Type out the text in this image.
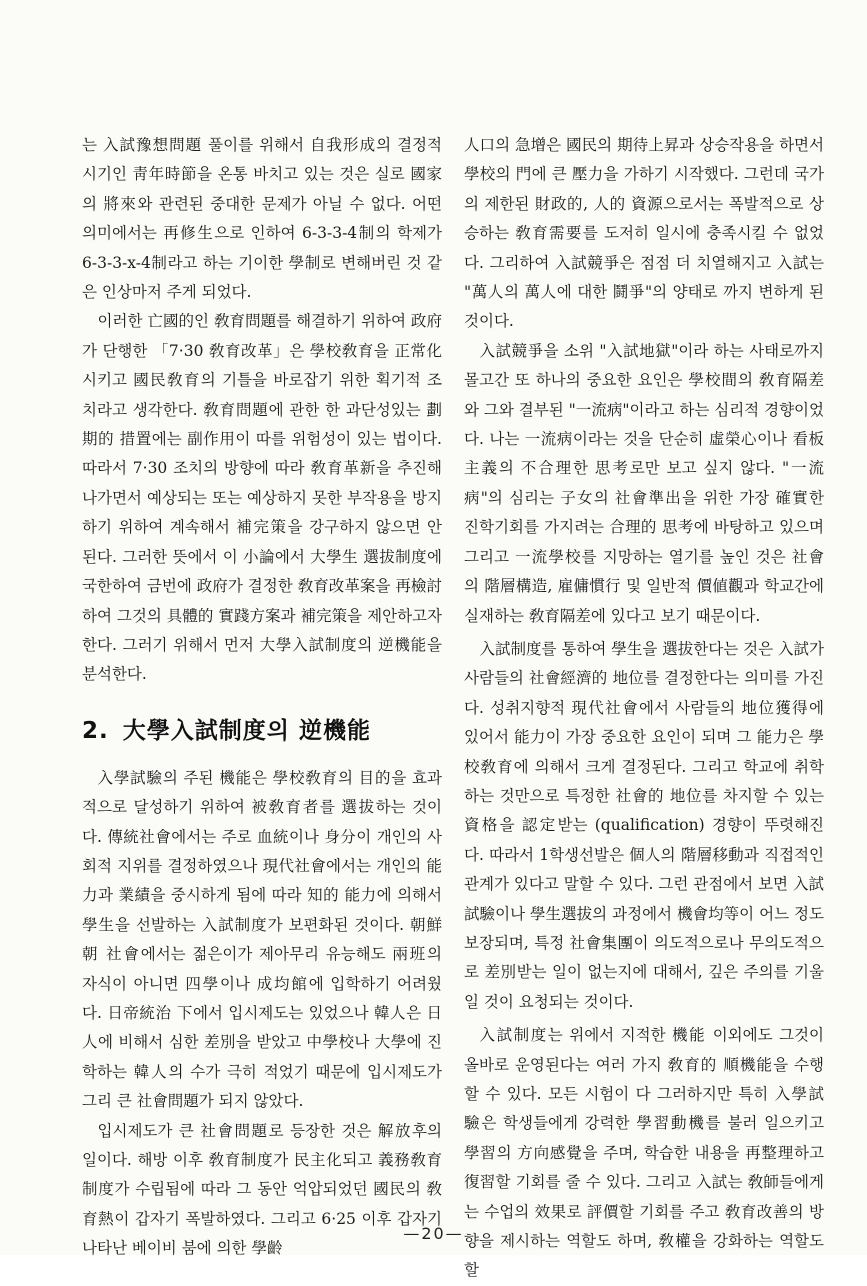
는 入試豫想問題 풀이를 위해서 自我形成의 결정적 시기인 靑年時節을 온통 바치고 있는 것은 실로 國家의 將來와 관련된 중대한 문제가 아닐 수 없다. 어떤 의미에서는 再修生으로 인하여 6-3-3-4制의 학제가 6-3-3-x-4制라고 하는 기이한 學制로 변해버린 것 같은 인상마저 주게 되었다.

이러한 亡國的인 敎育問題를 해결하기 위하여 政府가 단행한 「7·30 敎育改革」은 學校敎育을 正常化시키고 國民敎育의 기틀을 바로잡기 위한 획기적 조치라고 생각한다. 敎育問題에 관한 한 과단성있는 劃期的 措置에는 副作用이 따를 위험성이 있는 법이다. 따라서 7·30 조치의 방향에 따라 敎育革新을 추진해 나가면서 예상되는 또는 예상하지 못한 부작용을 방지하기 위하여 계속해서 補完策을 강구하지 않으면 안된다. 그러한 뜻에서 이 小論에서 大學生 選拔制度에 국한하여 금번에 政府가 결정한 敎育改革案을 再檢討하여 그것의 具體的 實踐方案과 補完策을 제안하고자 한다. 그러기 위해서 먼저 大學入試制度의 逆機能을 분석한다.

2. 大學入試制度의 逆機能

入學試驗의 주된 機能은 學校敎育의 目的을 효과적으로 달성하기 위하여 被敎育者를 選拔하는 것이다. 傳統社會에서는 주로 血統이나 身分이 개인의 사회적 지위를 결정하였으나 現代社會에서는 개인의 能力과 業績을 중시하게 됨에 따라 知的 能力에 의해서 學生을 선발하는 入試制度가 보편화된 것이다. 朝鮮朝 社會에서는 젊은이가 제아무리 유능해도 兩班의 자식이 아니면 四學이나 成均館에 입학하기 어려웠다. 日帝統治 下에서 입시제도는 있었으나 韓人은 日人에 비해서 심한 差別을 받았고 中學校나 大學에 진학하는 韓人의 수가 극히 적었기 때문에 입시제도가 그리 큰 社會問題가 되지 않았다.

입시제도가 큰 社會問題로 등장한 것은 解放후의 일이다. 해방 이후 敎育制度가 民主化되고 義務敎育制度가 수립됨에 따라 그 동안 억압되었던 國民의 敎育熱이 갑자기 폭발하였다. 그리고 6·25 이후 갑자기 나타난 베이비 붐에 의한 學齡

人口의 急增은 國民의 期待上昇과 상승작용을 하면서 學校의 門에 큰 壓力을 가하기 시작했다. 그런데 국가의 제한된 財政的, 人的 資源으로서는 폭발적으로 상승하는 敎育需要를 도저히 일시에 충족시킬 수 없었다. 그리하여 入試競爭은 점점 더 치열해지고 入試는 "萬人의 萬人에 대한 鬪爭"의 양태로 까지 변하게 된 것이다.

入試競爭을 소위 "入試地獄"이라 하는 사태로까지 몰고간 또 하나의 중요한 요인은 學校間의 敎育隔差와 그와 결부된 "一流病"이라고 하는 심리적 경향이었다. 나는 一流病이라는 것을 단순히 虛榮心이나 看板主義의 不合理한 思考로만 보고 싶지 않다. "一流病"의 심리는 子女의 社會準出을 위한 가장 確實한 진학기회를 가지려는 合理的 思考에 바탕하고 있으며 그리고 一流學校를 지망하는 열기를 높인 것은 社會의 階層構造, 雇傭慣行 및 일반적 價値觀과 학교간에 실재하는 敎育隔差에 있다고 보기 때문이다.

入試制度를 통하여 學生을 選拔한다는 것은 入試가 사람들의 社會經濟的 地位를 결정한다는 의미를 가진다. 성취지향적 現代社會에서 사람들의 地位獲得에 있어서 能力이 가장 중요한 요인이 되며 그 能力은 學校敎育에 의해서 크게 결정된다. 그리고 학교에 취학하는 것만으로 특정한 社會的 地位를 차지할 수 있는 資格을 認定받는 (qualification) 경향이 뚜렷해진다. 따라서 1학생선발은 個人의 階層移動과 직접적인 관계가 있다고 말할 수 있다. 그런 관점에서 보면 入試試驗이나 學生選拔의 과정에서 機會均等이 어느 정도 보장되며, 특정 社會集團이 의도적으로나 무의도적으로 差別받는 일이 없는지에 대해서, 깊은 주의를 기울일 것이 요청되는 것이다.

入試制度는 위에서 지적한 機能 이외에도 그것이 올바로 운영된다는 여러 가지 敎育的 順機能을 수행할 수 있다. 모든 시험이 다 그러하지만 특히 入學試驗은 학생들에게 강력한 學習動機를 불러 일으키고 學習의 方向感覺을 주며, 학습한 내용을 再整理하고 復習할 기회를 줄 수 있다. 그리고 入試는 敎師들에게는 수업의 效果로 評價할 기회를 주고 敎育改善의 방향을 제시하는 역할도 하며, 敎權을 강화하는 역할도 할

—20—
